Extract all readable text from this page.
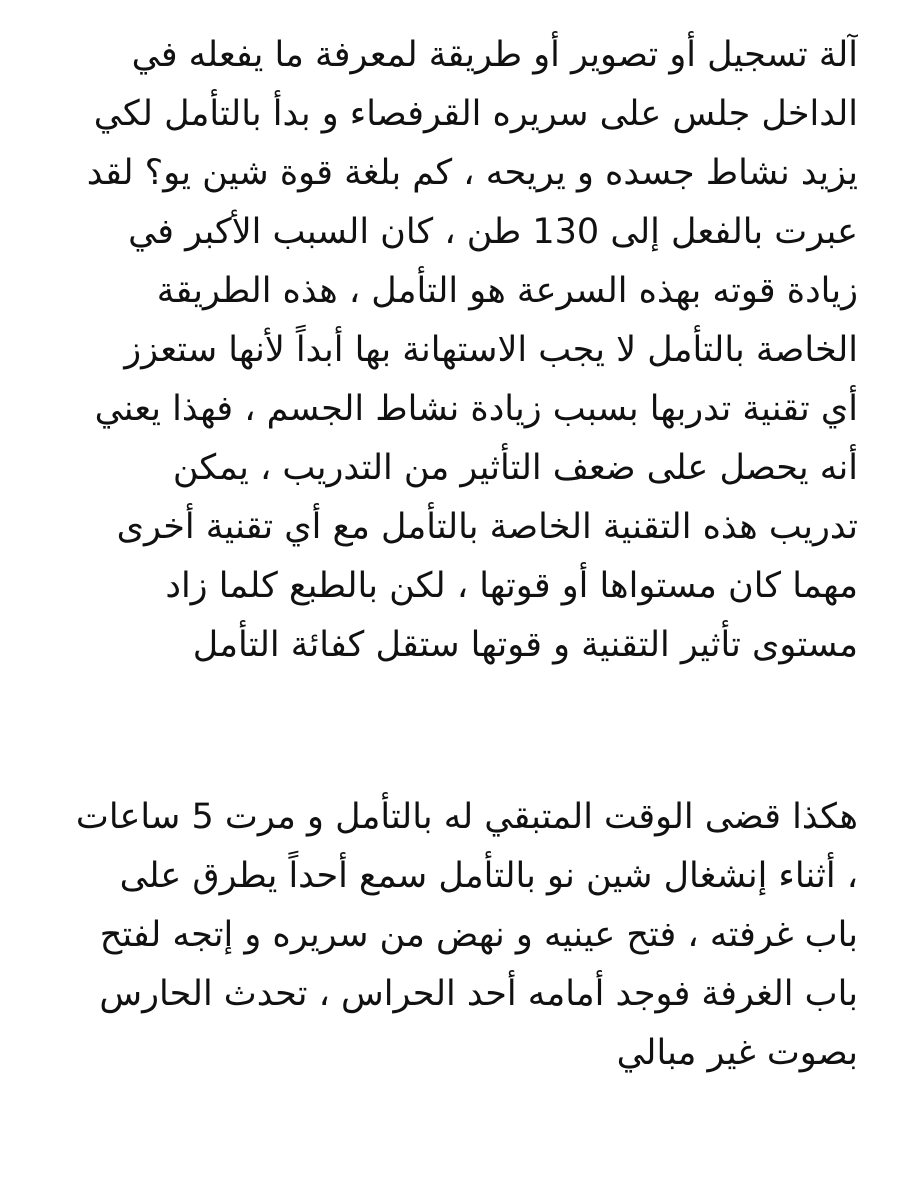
آلة تسجيل أو تصوير أو طريقة لمعرفة ما يفعله في
الداخل جلس على سريره القرفصاء و بدأ بالتأمل لكي
يزيد نشاط جسده و يريحه ، كم بلغة قوة شين يو؟ لقد
عبرت بالفعل إلى 130 طن ، كان السبب الأكبر في
زيادة قوته بهذه السرعة هو التأمل ، هذه الطريقة
الخاصة بالتأمل لا يجب الاستهانة بها أبداً لأنها ستعزز
أي تقنية تدربها بسبب زيادة نشاط الجسم ، فهذا يعني
أنه يحصل على ضعف التأثير من التدريب ، يمكن
تدريب هذه التقنية الخاصة بالتأمل مع أي تقنية أخرى
مهما كان مستواها أو قوتها ، لكن بالطبع كلما زاد
مستوى تأثير التقنية و قوتها ستقل كفائة التأمل

هكذا قضى الوقت المتبقي له بالتأمل و مرت 5 ساعات
، أثناء إنشغال شين نو بالتأمل سمع أحداً يطرق على
باب غرفته ، فتح عينيه و نهض من سريره و إتجه لفتح
باب الغرفة فوجد أمامه أحد الحراس ، تحدث الحارس
بصوت غير مبالي
